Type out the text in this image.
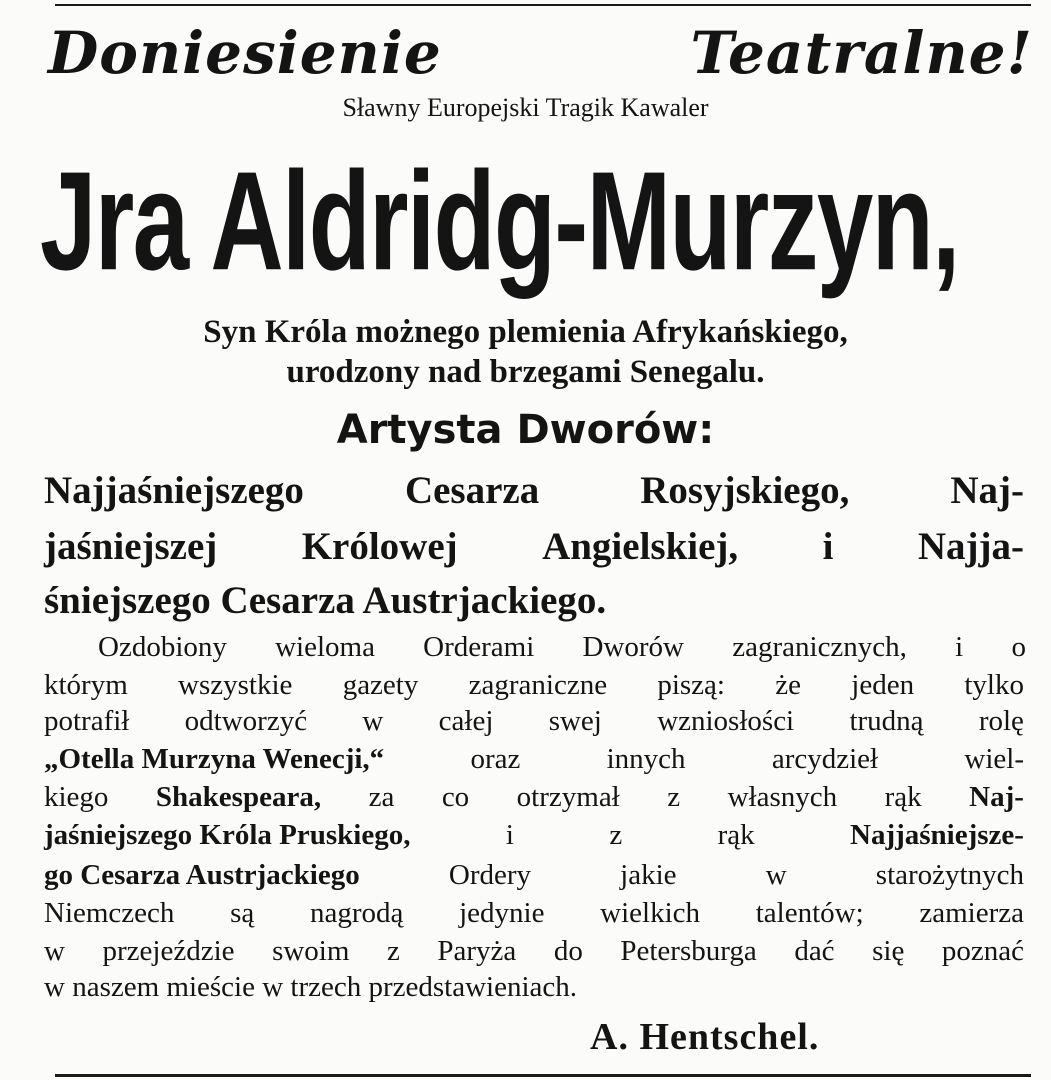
Doniesienie	Teatralne!
Sławny Europejski Tragik Kawaler
Jra Aldridg-Murzyn,
Syn Króla możnego plemienia Afrykańskiego,
urodzony nad brzegami Senegalu.
Artysta Dworów:
Najjaśniejszego	Cesarza	Rosyjskiego,	Naj-
jaśniejszej Królowej Angielskiej, i Najja-
śniejszego Cesarza Austrjackiego.
Ozdobiony wieloma Orderami Dworów zagranicznych, i o
którym wszystkie gazety zagraniczne piszą: że jeden tylko
potrafił odtworzyć w całej swej wzniosłości trudną rolę
„Otella Murzyna Wenecji,“	oraz	innych	arcydzieł	wiel-
kiego Shakespeara, za co otrzymał z własnych rąk Naj-
jaśniejszego Króla Pruskiego,	i	z	rąk	Najjaśniejsze-
go Cesarza Austrjackiego	Ordery	jakie	w	starożytnych
Niemczech są nagrodą jedynie wielkich talentów; zamierza
w przejeździe swoim z Paryża do Petersburga dać się poznać
w naszem mieście w trzech przedstawieniach.
A. Hentschel.
